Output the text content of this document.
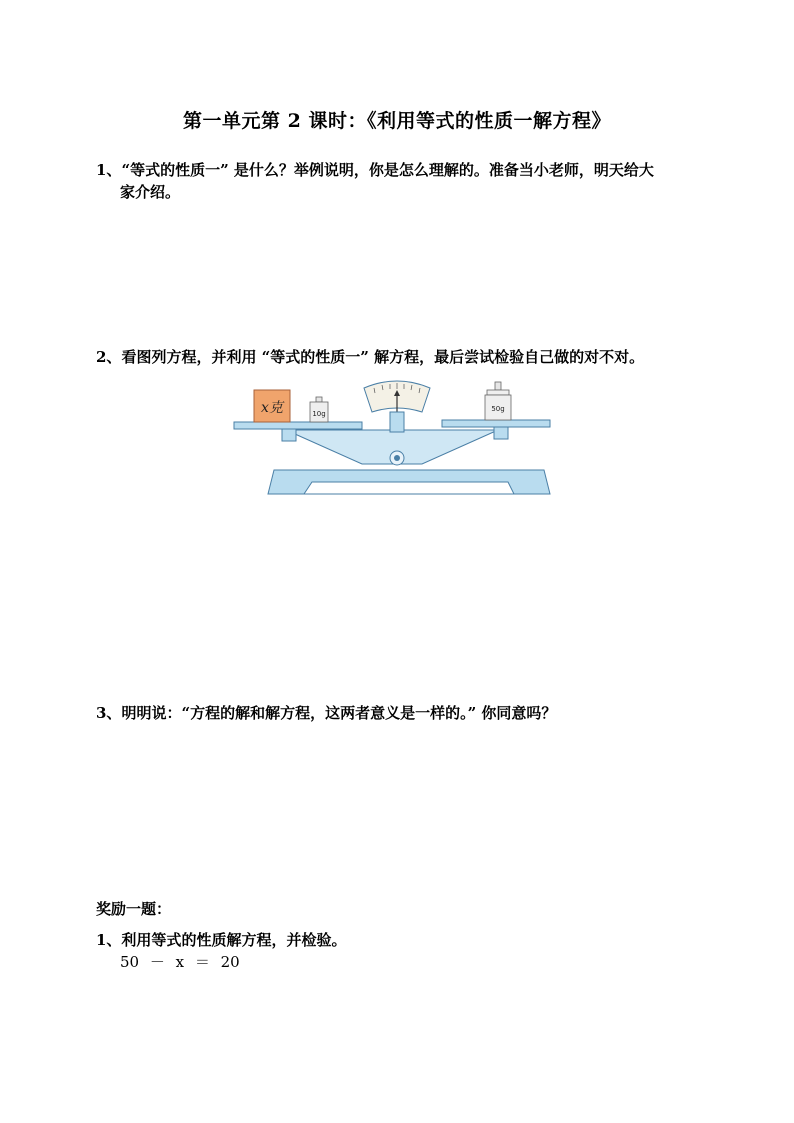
第一单元第 2 课时：《利用等式的性质一解方程》
1、“等式的性质一” 是什么？举例说明，你是怎么理解的。准备当小老师，明天给大
家介绍。
2、看图列方程，并利用 “等式的性质一” 解方程，最后尝试检验自己做的对不对。
x克	10g
50g
3、明明说：“方程的解和解方程，这两者意义是一样的。” 你同意吗？
奖励一题：
1、利用等式的性质解方程，并检验。
50 － x ＝ 20
